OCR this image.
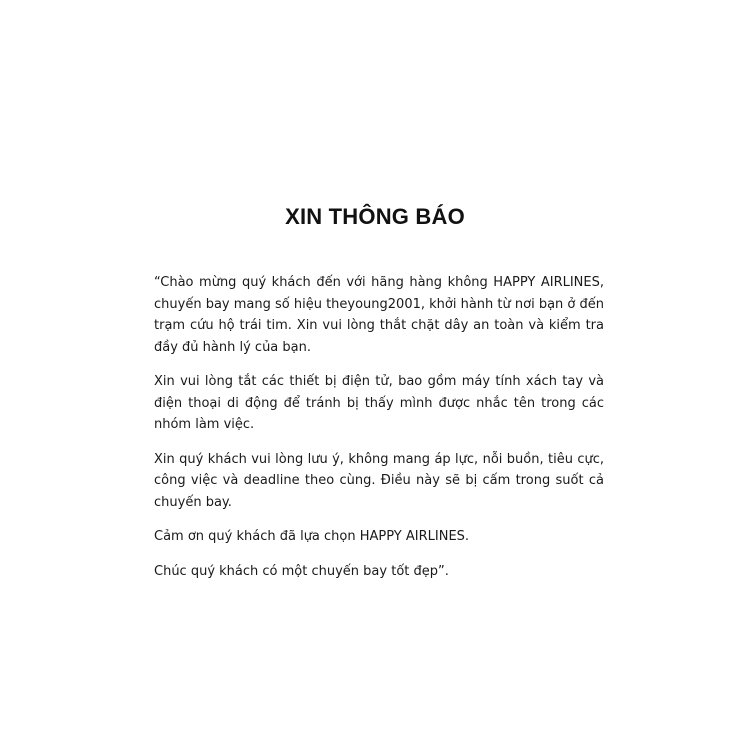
XIN THÔNG BÁO

“Chào mừng quý khách đến với hãng hàng không HAPPY AIRLINES, chuyến bay mang số hiệu theyoung2001, khởi hành từ nơi bạn ở đến trạm cứu hộ trái tim. Xin vui lòng thắt chặt dây an toàn và kiểm tra đầy đủ hành lý của bạn.

Xin vui lòng tắt các thiết bị điện tử, bao gồm máy tính xách tay và điện thoại di động để tránh bị thấy mình được nhắc tên trong các nhóm làm việc.

Xin quý khách vui lòng lưu ý, không mang áp lực, nỗi buồn, tiêu cực, công việc và deadline theo cùng. Điều này sẽ bị cấm trong suốt cả chuyến bay.

Cảm ơn quý khách đã lựa chọn HAPPY AIRLINES.

Chúc quý khách có một chuyến bay tốt đẹp”.
